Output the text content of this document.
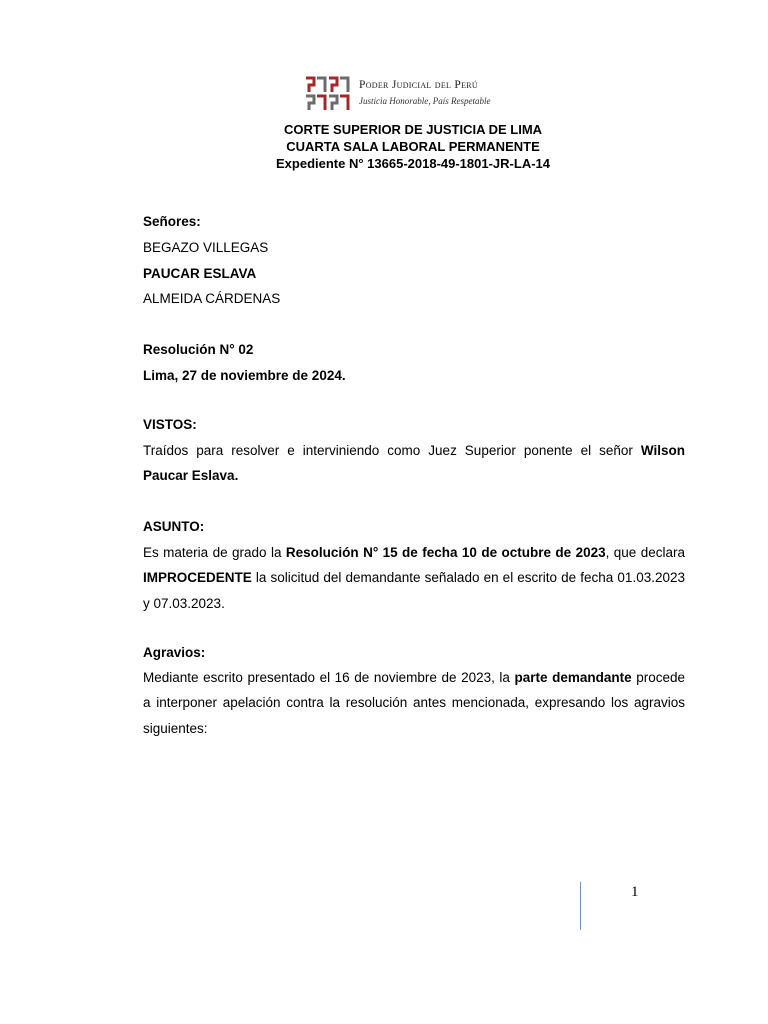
Poder Judicial del Perú
Justicia Honorable, País Respetable
CORTE SUPERIOR DE JUSTICIA DE LIMA
CUARTA SALA LABORAL PERMANENTE
Expediente N° 13665-2018-49-1801-JR-LA-14
Señores:
BEGAZO VILLEGAS
PAUCAR ESLAVA
ALMEIDA CÁRDENAS
Resolución N° 02
Lima, 27 de noviembre de 2024.
VISTOS:
Traídos para resolver e interviniendo como Juez Superior ponente el señor Wilson Paucar Eslava.
ASUNTO:
Es materia de grado la Resolución N° 15 de fecha 10 de octubre de 2023, que declara IMPROCEDENTE la solicitud del demandante señalado en el escrito de fecha 01.03.2023 y 07.03.2023.
Agravios:
Mediante escrito presentado el 16 de noviembre de 2023, la parte demandante procede a interponer apelación contra la resolución antes mencionada, expresando los agravios siguientes:
1
